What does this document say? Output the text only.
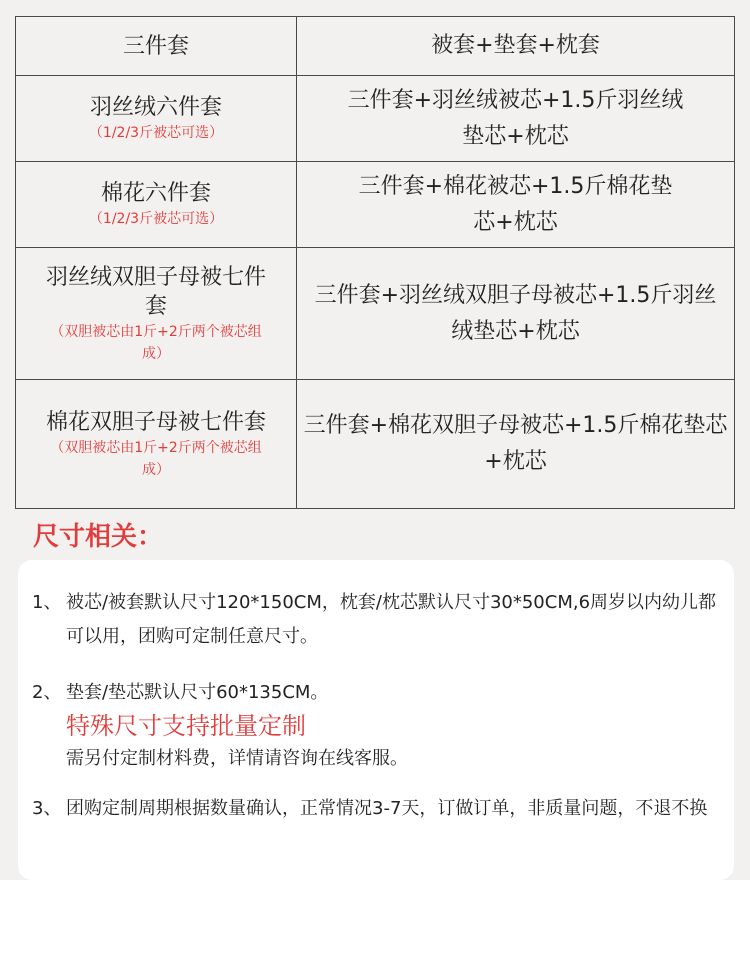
三件套	被套+垫套+枕套

羽丝绒六件套
（1/2/3斤被芯可选）	三件套+羽丝绒被芯+1.5斤羽丝绒垫芯+枕芯

棉花六件套
（1/2/3斤被芯可选）	三件套+棉花被芯+1.5斤棉花垫芯+枕芯

羽丝绒双胆子母被七件套
（双胆被芯由1斤+2斤两个被芯组成）	三件套+羽丝绒双胆子母被芯+1.5斤羽丝绒垫芯+枕芯

棉花双胆子母被七件套
（双胆被芯由1斤+2斤两个被芯组成）	三件套+棉花双胆子母被芯+1.5斤棉花垫芯+枕芯
尺寸相关：
1、 被芯/被套默认尺寸120*150CM，枕套/枕芯默认尺寸30*50CM,6周岁以内幼儿都可以用，团购可定制任意尺寸。
2、 垫套/垫芯默认尺寸60*135CM。
特殊尺寸支持批量定制
需另付定制材料费，详情请咨询在线客服。
3、 团购定制周期根据数量确认，正常情况3-7天，订做订单，非质量问题，不退不换
